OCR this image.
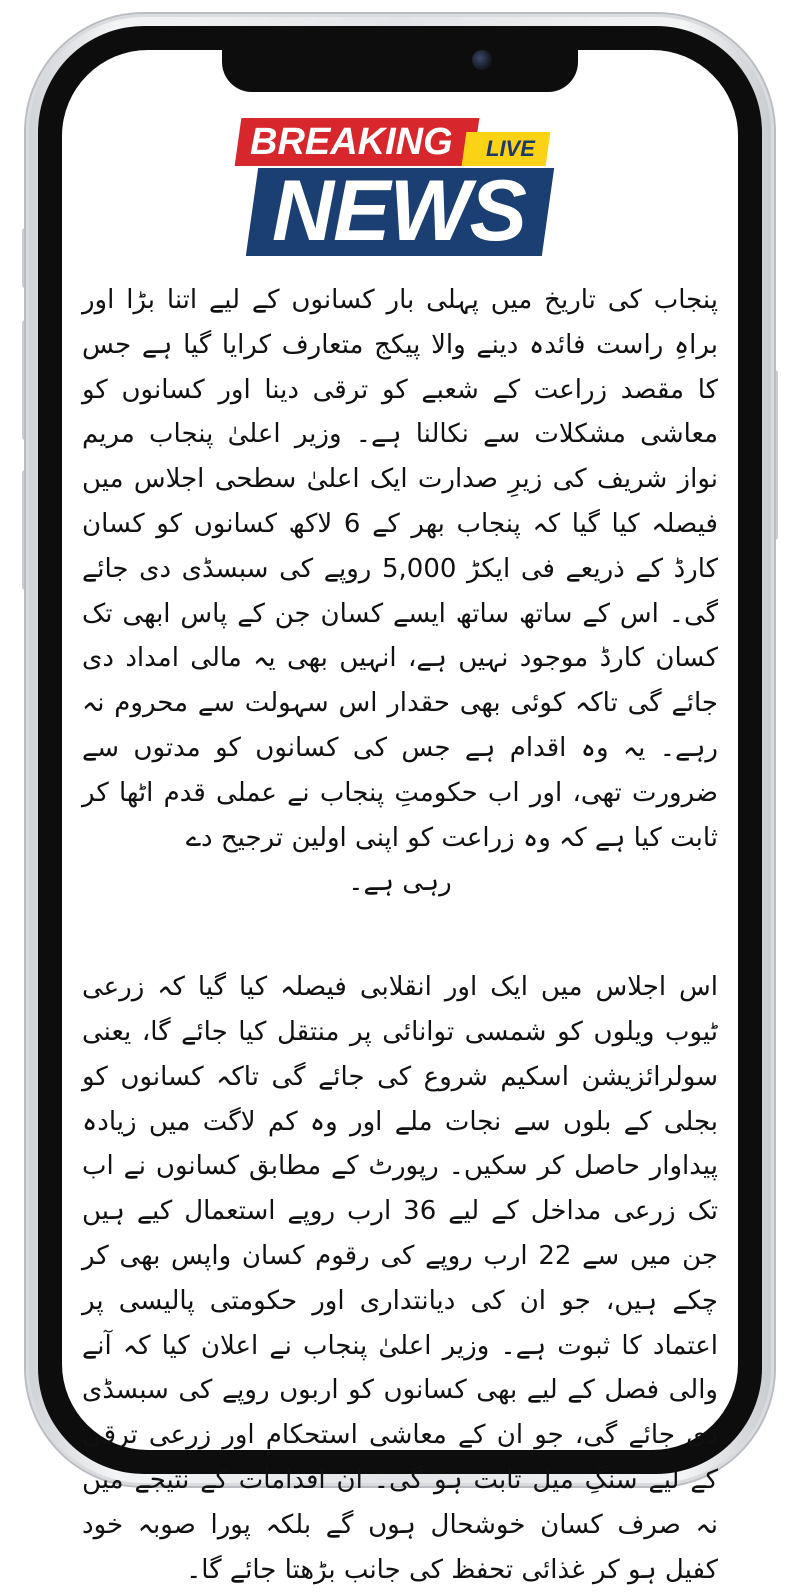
BREAKING LIVE
NEWS

پنجاب کی تاریخ میں پہلی بار کسانوں کے لیے اتنا بڑا اور براہِ راست فائدہ دینے والا پیکج متعارف کرایا گیا ہے جس کا مقصد زراعت کے شعبے کو ترقی دینا اور کسانوں کو معاشی مشکلات سے نکالنا ہے۔ وزیر اعلیٰ پنجاب مریم نواز شریف کی زیرِ صدارت ایک اعلیٰ سطحی اجلاس میں فیصلہ کیا گیا کہ پنجاب بھر کے 6 لاکھ کسانوں کو کسان کارڈ کے ذریعے فی ایکڑ 5,000 روپے کی سبسڈی دی جائے گی۔ اس کے ساتھ ساتھ ایسے کسان جن کے پاس ابھی تک کسان کارڈ موجود نہیں ہے، انہیں بھی یہ مالی امداد دی جائے گی تاکہ کوئی بھی حقدار اس سہولت سے محروم نہ رہے۔ یہ وہ اقدام ہے جس کی کسانوں کو مدتوں سے ضرورت تھی، اور اب حکومتِ پنجاب نے عملی قدم اٹھا کر ثابت کیا ہے کہ وہ زراعت کو اپنی اولین ترجیح دے

رہی ہے۔

اس اجلاس میں ایک اور انقلابی فیصلہ کیا گیا کہ زرعی ٹیوب ویلوں کو شمسی توانائی پر منتقل کیا جائے گا، یعنی سولرائزیشن اسکیم شروع کی جائے گی تاکہ کسانوں کو بجلی کے بلوں سے نجات ملے اور وہ کم لاگت میں زیادہ پیداوار حاصل کر سکیں۔ رپورٹ کے مطابق کسانوں نے اب تک زرعی مداخل کے لیے 36 ارب روپے استعمال کیے ہیں جن میں سے 22 ارب روپے کی رقوم کسان واپس بھی کر چکے ہیں، جو ان کی دیانتداری اور حکومتی پالیسی پر اعتماد کا ثبوت ہے۔ وزیر اعلیٰ پنجاب نے اعلان کیا کہ آنے والی فصل کے لیے بھی کسانوں کو اربوں روپے کی سبسڈی دی جائے گی، جو ان کے معاشی استحکام اور زرعی ترقی کے لیے سنگِ میل ثابت ہو گی۔ ان اقدامات کے نتیجے میں نہ صرف کسان خوشحال ہوں گے بلکہ پورا صوبہ خود کفیل ہو کر غذائی تحفظ کی جانب بڑھتا جائے گا۔
